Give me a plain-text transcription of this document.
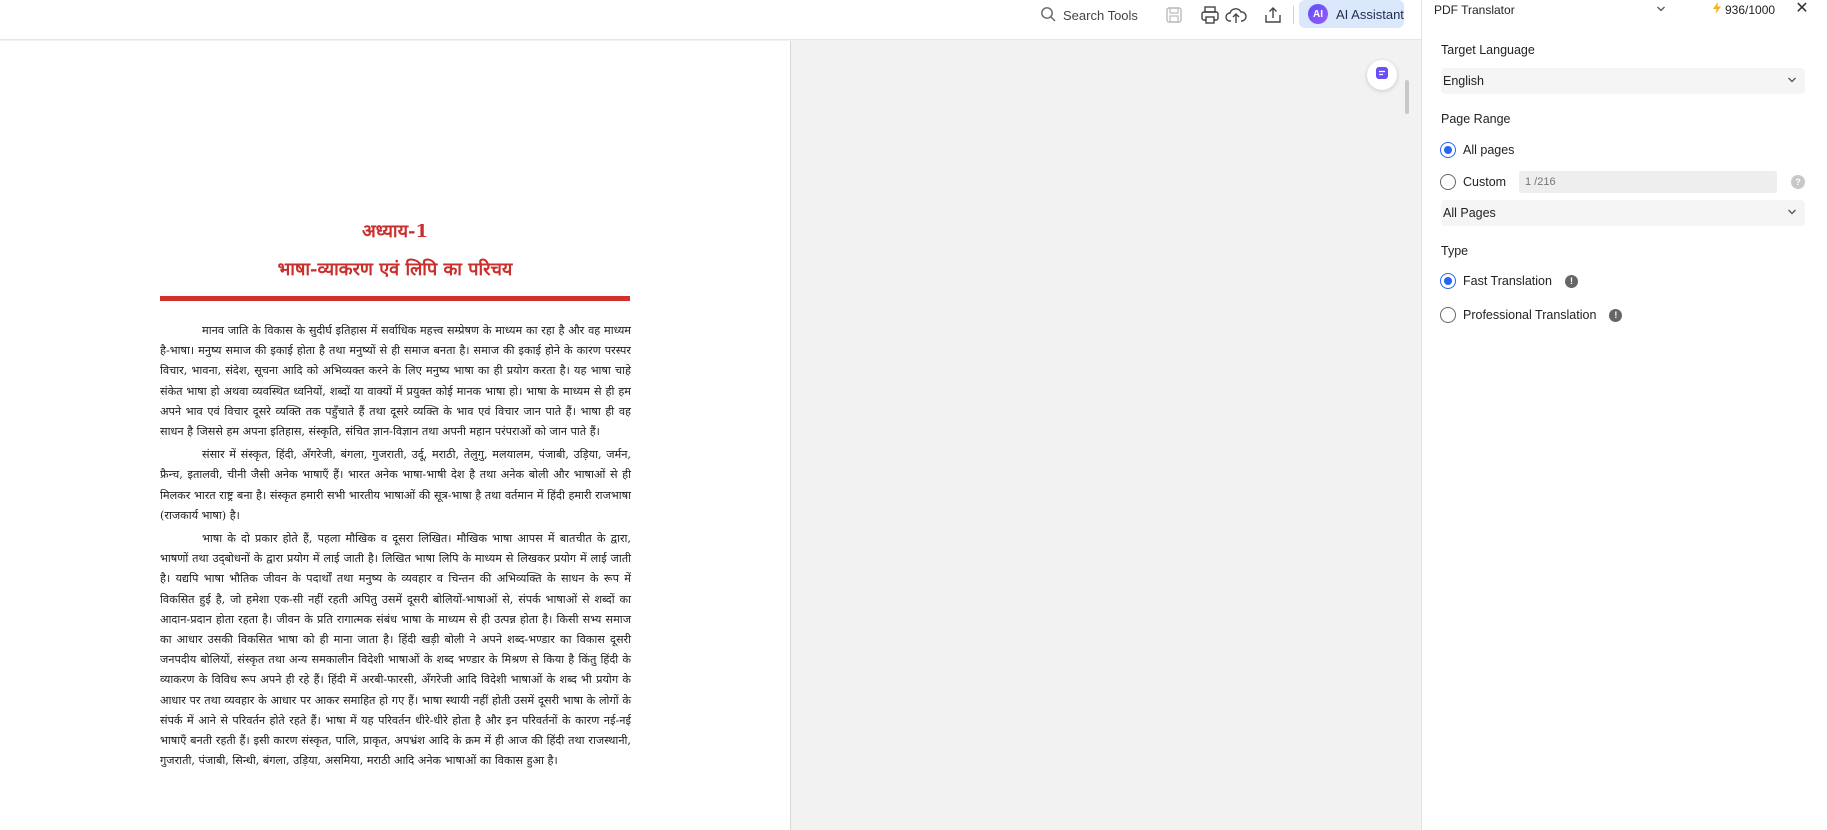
Search Tools	AI	AI Assistant
अध्याय-1
भाषा-व्याकरण एवं लिपि का परिचय

मानव जाति के विकास के सुदीर्घ इतिहास में सर्वाधिक महत्त्व सम्प्रेषण के माध्यम का रहा है और वह माध्यम है-भाषा। मनुष्य समाज की इकाई होता है तथा मनुष्यों से ही समाज बनता है। समाज की इकाई होने के कारण परस्पर विचार, भावना, संदेश, सूचना आदि को अभिव्यक्त करने के लिए मनुष्य भाषा का ही प्रयोग करता है। यह भाषा चाहे संकेत भाषा हो अथवा व्यवस्थित ध्वनियों, शब्दों या वाक्यों में प्रयुक्त कोई मानक भाषा हो। भाषा के माध्यम से ही हम अपने भाव एवं विचार दूसरे व्यक्ति तक पहुँचाते हैं तथा दूसरे व्यक्ति के भाव एवं विचार जान पाते हैं। भाषा ही वह साधन है जिससे हम अपना इतिहास, संस्कृति, संचित ज्ञान-विज्ञान तथा अपनी महान परंपराओं को जान पाते हैं।

संसार में संस्कृत, हिंदी, अँगरेजी, बंगला, गुजराती, उर्दू, मराठी, तेलुगु, मलयालम, पंजाबी, उड़िया, जर्मन, फ्रैन्च, इतालवी, चीनी जैसी अनेक भाषाएँ हैं। भारत अनेक भाषा-भाषी देश है तथा अनेक बोली और भाषाओं से ही मिलकर भारत राष्ट्र बना है। संस्कृत हमारी सभी भारतीय भाषाओं की सूत्र-भाषा है तथा वर्तमान में हिंदी हमारी राजभाषा (राजकार्य भाषा) है।

भाषा के दो प्रकार होते हैं, पहला मौखिक व दूसरा लिखित। मौखिक भाषा आपस में बातचीत के द्वारा, भाषणों तथा उद्‌बोधनों के द्वारा प्रयोग में लाई जाती है। लिखित भाषा लिपि के माध्यम से लिखकर प्रयोग में लाई जाती है। यद्यपि भाषा भौतिक जीवन के पदार्थों तथा मनुष्य के व्यवहार व चिन्तन की अभिव्यक्ति के साधन के रूप में विकसित हुई है, जो हमेशा एक-सी नहीं रहती अपितु उसमें दूसरी बोलियों-भाषाओं से, संपर्क भाषाओं से शब्दों का आदान-प्रदान होता रहता है। जीवन के प्रति रागात्मक संबंध भाषा के माध्यम से ही उत्पन्न होता है। किसी सभ्य समाज का आधार उसकी विकसित भाषा को ही माना जाता है। हिंदी खड़ी बोली ने अपने शब्द-भण्डार का विकास दूसरी जनपदीय बोलियों, संस्कृत तथा अन्य समकालीन विदेशी भाषाओं के शब्द भण्डार के मिश्रण से किया है किंतु हिंदी के व्याकरण के विविध रूप अपने ही रहे हैं। हिंदी में अरबी-फारसी, अँगरेजी आदि विदेशी भाषाओं के शब्द भी प्रयोग के आधार पर तथा व्यवहार के आधार पर आकर समाहित हो गए हैं। भाषा स्थायी नहीं होती उसमें दूसरी भाषा के लोगों के संपर्क में आने से परिवर्तन होते रहते हैं। भाषा में यह परिवर्तन धीरे-धीरे होता है और इन परिवर्तनों के कारण नई-नई भाषाएँ बनती रहती हैं। इसी कारण संस्कृत, पालि, प्राकृत, अपभ्रंश आदि के क्रम में ही आज की हिंदी तथा राजस्थानी, गुजराती, पंजाबी, सिन्धी, बंगला, उड़िया, असमिया, मराठी आदि अनेक भाषाओं का विकास हुआ है।

PDF Translator	936/1000 ✕
Target Language
English
Page Range
All pages
Custom
1 /216	?
All Pages
Type
Fast Translation	!
Professional Translation	!
